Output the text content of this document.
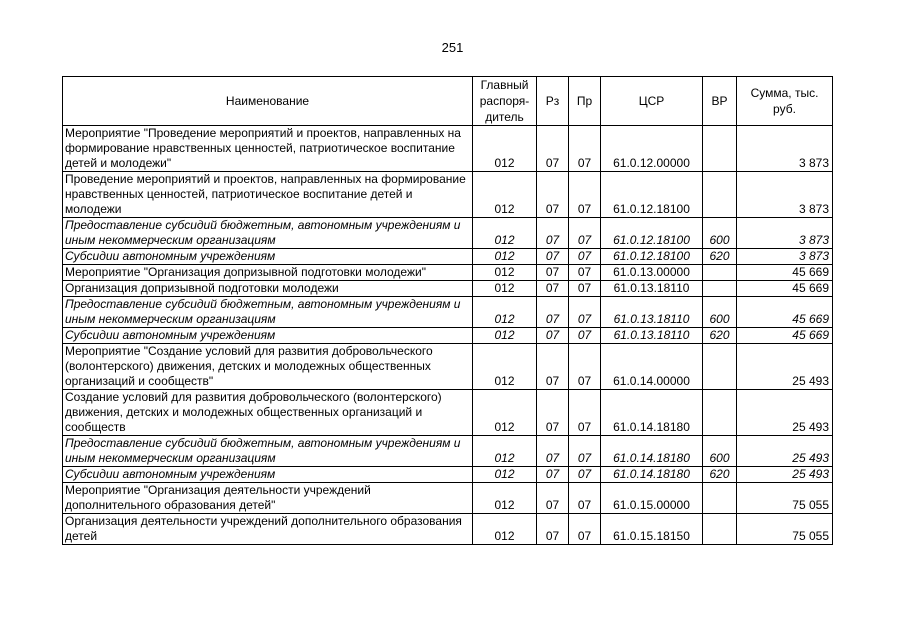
251
Наименование	Главный распоря-дитель	Рз	Пр	ЦСР	ВР	Сумма, тыс. руб.
Мероприятие "Проведение мероприятий и проектов, направленных на формирование нравственных ценностей, патриотическое воспитание детей и молодежи"	012	07	07	61.0.12.00000		3 873
Проведение мероприятий и проектов, направленных на формирование нравственных ценностей, патриотическое воспитание детей и молодежи	012	07	07	61.0.12.18100		3 873
Предоставление субсидий бюджетным, автономным учреждениям и иным некоммерческим организациям	012	07	07	61.0.12.18100	600	3 873
Субсидии автономным учреждениям	012	07	07	61.0.12.18100	620	3 873
Мероприятие "Организация допризывной подготовки молодежи"	012	07	07	61.0.13.00000		45 669
Организация допризывной подготовки молодежи	012	07	07	61.0.13.18110		45 669
Предоставление субсидий бюджетным, автономным учреждениям и иным некоммерческим организациям	012	07	07	61.0.13.18110	600	45 669
Субсидии автономным учреждениям	012	07	07	61.0.13.18110	620	45 669
Мероприятие "Создание условий для развития добровольческого (волонтерского) движения, детских и молодежных общественных организаций и сообществ"	012	07	07	61.0.14.00000		25 493
Создание условий для развития добровольческого (волонтерского) движения, детских и молодежных общественных организаций и сообществ	012	07	07	61.0.14.18180		25 493
Предоставление субсидий бюджетным, автономным учреждениям и иным некоммерческим организациям	012	07	07	61.0.14.18180	600	25 493
Субсидии автономным учреждениям	012	07	07	61.0.14.18180	620	25 493
Мероприятие "Организация деятельности учреждений дополнительного образования детей"	012	07	07	61.0.15.00000		75 055
Организация деятельности учреждений дополнительного образования детей	012	07	07	61.0.15.18150		75 055
